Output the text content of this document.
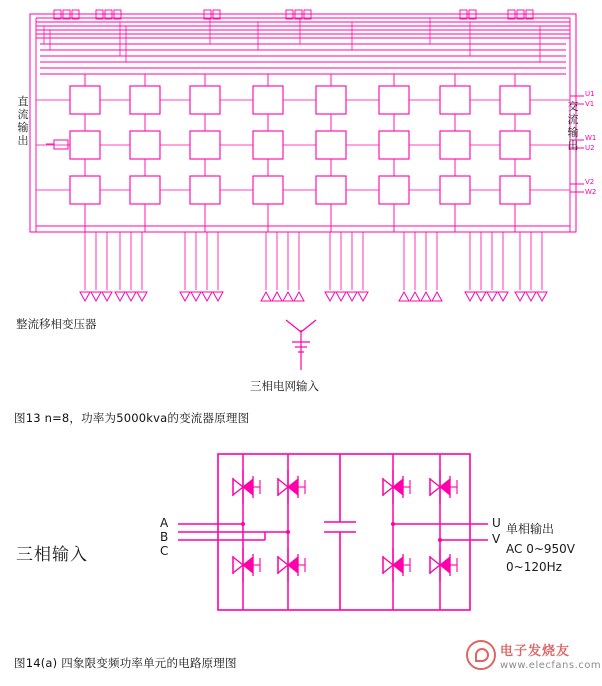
直
流
输
出
交
流
输
出
U1
V1
W1
U2
V2
W2
整流移相变压器
三相电网输入
图13 n=8，功率为5000kva的变流器原理图
三相输入
A
B
C
U
V
单相输出
AC 0~950V
0~120Hz
图14(a) 四象限变频功率单元的电路原理图
电子发烧友
www.elecfans.com
